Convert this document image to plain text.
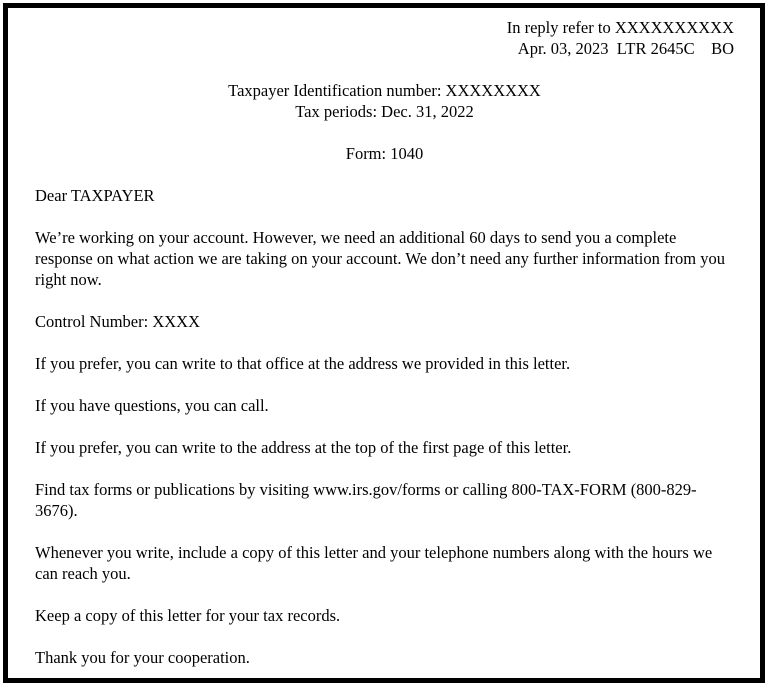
In reply refer to XXXXXXXXXX
Apr. 03, 2023  LTR 2645C    BO
Taxpayer Identification number: XXXXXXXX
Tax periods: Dec. 31, 2022
Form: 1040

Dear TAXPAYER

We’re working on your account. However, we need an additional 60 days to send you a complete response on what action we are taking on your account. We don’t need any further information from you right now.

Control Number: XXXX

If you prefer, you can write to that office at the address we provided in this letter.

If you have questions, you can call.

If you prefer, you can write to the address at the top of the first page of this letter.

Find tax forms or publications by visiting www.irs.gov/forms or calling 800-TAX-FORM (800-829-3676).

Whenever you write, include a copy of this letter and your telephone numbers along with the hours we can reach you.

Keep a copy of this letter for your tax records.

Thank you for your cooperation.
